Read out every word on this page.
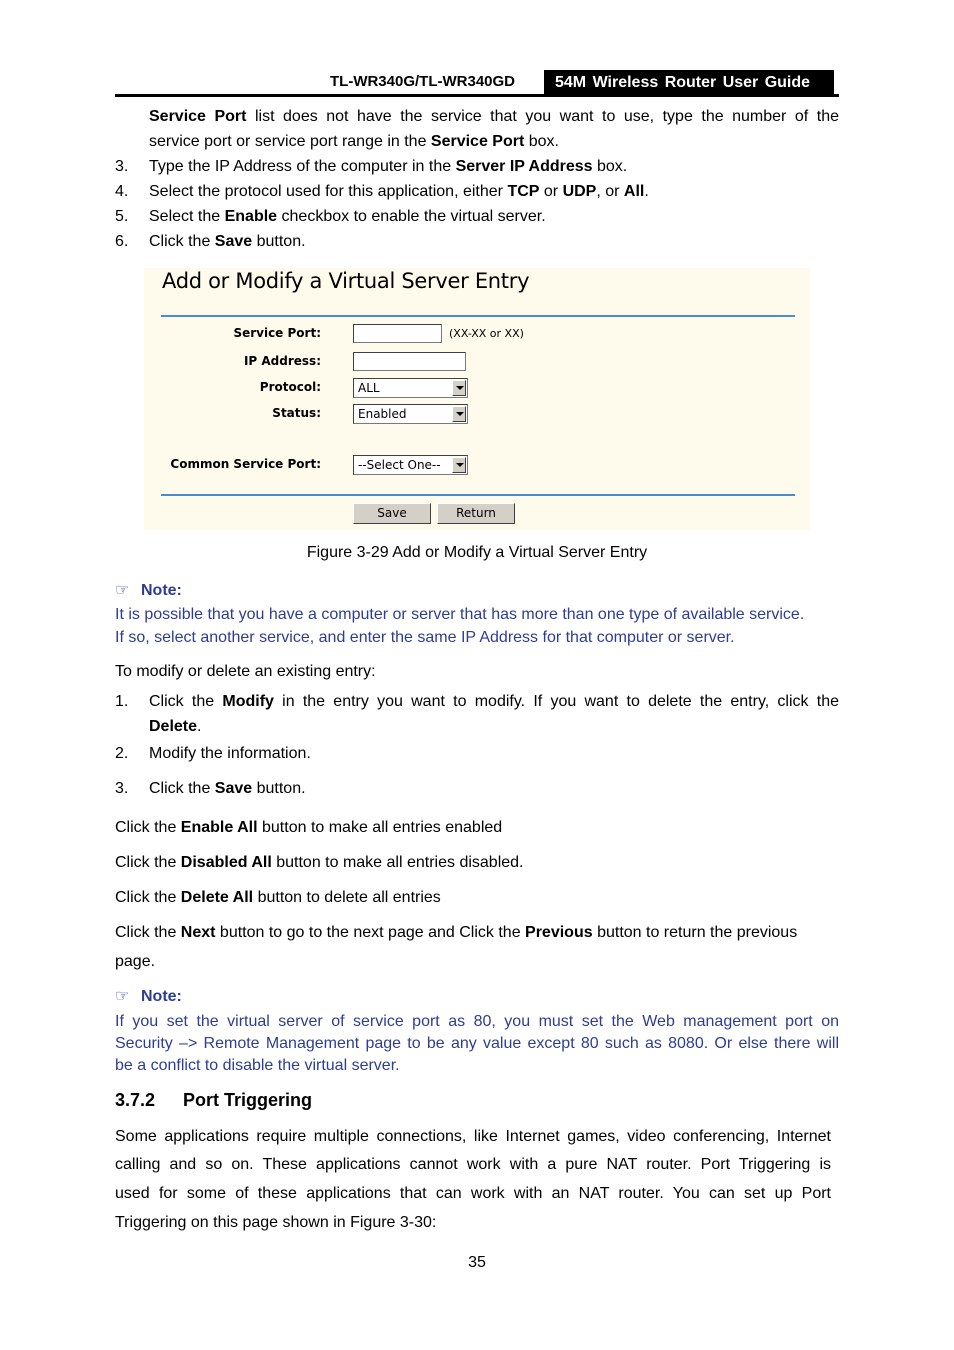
TL-WR340G/TL-WR340GD	54M Wireless Router User Guide
Service Port list does not have the service that you want to use, type the number of the
service port or service port range in the Service Port box.
3. Type the IP Address of the computer in the Server IP Address box.
4. Select the protocol used for this application, either TCP or UDP, or All.
5. Select the Enable checkbox to enable the virtual server.
6. Click the Save button.
Add or Modify a Virtual Server Entry
Service Port:	(XX-XX or XX)
IP Address:
Protocol:	ALL
Status:	Enabled
Common Service Port:	--Select One--
Save	Return
Figure 3-29 Add or Modify a Virtual Server Entry
☞ Note:
It is possible that you have a computer or server that has more than one type of available service.
If so, select another service, and enter the same IP Address for that computer or server.
To modify or delete an existing entry:
1. Click the Modify in the entry you want to modify. If you want to delete the entry, click the
Delete.
2. Modify the information.
3. Click the Save button.
Click the Enable All button to make all entries enabled
Click the Disabled All button to make all entries disabled.
Click the Delete All button to delete all entries
Click the Next button to go to the next page and Click the Previous button to return the previous
page.
☞ Note:
If you set the virtual server of service port as 80, you must set the Web management port on
Security –> Remote Management page to be any value except 80 such as 8080. Or else there will
be a conflict to disable the virtual server.
3.7.2 Port Triggering
Some applications require multiple connections, like Internet games, video conferencing, Internet
calling and so on. These applications cannot work with a pure NAT router. Port Triggering is
used for some of these applications that can work with an NAT router. You can set up Port
Triggering on this page shown in Figure 3-30:
35
